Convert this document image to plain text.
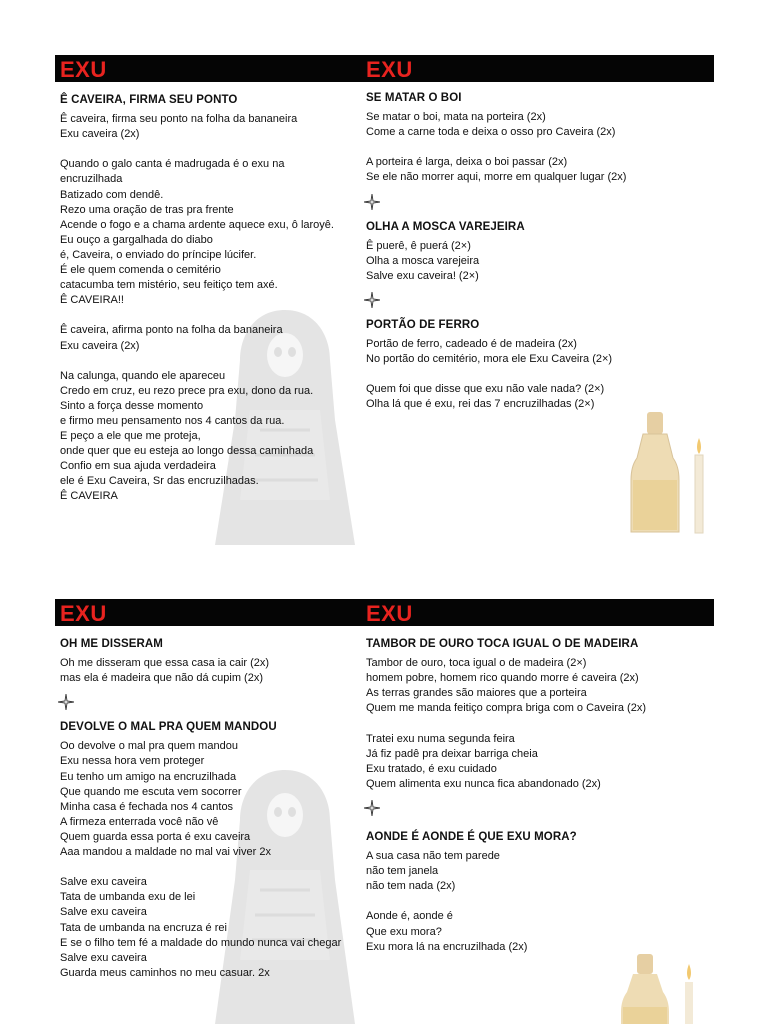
EXU	EXU
EXU	EXU
Ê CAVEIRA, FIRMA SEU PONTO
Ê caveira, firma seu ponto na folha da bananeira
Exu caveira (2x)
Quando o galo canta é madrugada é o exu na
encruzilhada
Batizado com dendê.
Rezo uma oração de tras pra frente
Acende o fogo e a chama ardente aquece exu, ô laroyê.
Eu ouço a gargalhada do diabo
é, Caveira, o enviado do príncipe lúcifer.
É ele quem comenda o cemitério
catacumba tem mistério, seu feitiço tem axé.
Ê CAVEIRA!!
Ê caveira, afirma ponto na folha da bananeira
Exu caveira (2x)
Na calunga, quando ele apareceu
Credo em cruz, eu rezo prece pra exu, dono da rua.
Sinto a força desse momento
e firmo meu pensamento nos 4 cantos da rua.
E peço a ele que me proteja,
onde quer que eu esteja ao longo dessa caminhada
Confio em sua ajuda verdadeira
ele é Exu Caveira, Sr das encruzilhadas.
Ê CAVEIRA
SE MATAR O BOI
Se matar o boi, mata na porteira (2x)
Come a carne toda e deixa o osso pro Caveira (2x)
A porteira é larga, deixa o boi passar (2x)
Se ele não morrer aqui, morre em qualquer lugar (2x)
OLHA A MOSCA VAREJEIRA
Ê puerê, ê puerá (2×)
Olha a mosca varejeira
Salve exu caveira! (2×)
PORTÃO DE FERRO
Portão de ferro, cadeado é de madeira (2x)
No portão do cemitério, mora ele Exu Caveira (2×)
Quem foi que disse que exu não vale nada? (2×)
Olha lá que é exu, rei das 7 encruzilhadas (2×)
OH ME DISSERAM
Oh me disseram que essa casa ia cair (2x)
mas ela é madeira que não dá cupim (2x)
DEVOLVE O MAL PRA QUEM MANDOU
Oo devolve o mal pra quem mandou
Exu nessa hora vem proteger
Eu tenho um amigo na encruzilhada
Que quando me escuta vem socorrer
Minha casa é fechada nos 4 cantos
A firmeza enterrada você não vê
Quem guarda essa porta é exu caveira
Aaa mandou a maldade no mal vai viver 2x
Salve exu caveira
Tata de umbanda exu de lei
Salve exu caveira
Tata de umbanda na encruza é rei
E se o filho tem fé a maldade do mundo nunca vai chegar
Salve exu caveira
Guarda meus caminhos no meu casuar. 2x
TAMBOR DE OURO TOCA IGUAL O DE MADEIRA
Tambor de ouro, toca igual o de madeira (2×)
homem pobre, homem rico quando morre é caveira (2x)
As terras grandes são maiores que a porteira
Quem me manda feitiço compra briga com o Caveira (2x)
Tratei exu numa segunda feira
Já fiz padê pra deixar barriga cheia
Exu tratado, é exu cuidado
Quem alimenta exu nunca fica abandonado (2x)
AONDE É AONDE É QUE EXU MORA?
A sua casa não tem parede
não tem janela
não tem nada (2x)
Aonde é, aonde é
Que exu mora?
Exu mora lá na encruzilhada (2x)
